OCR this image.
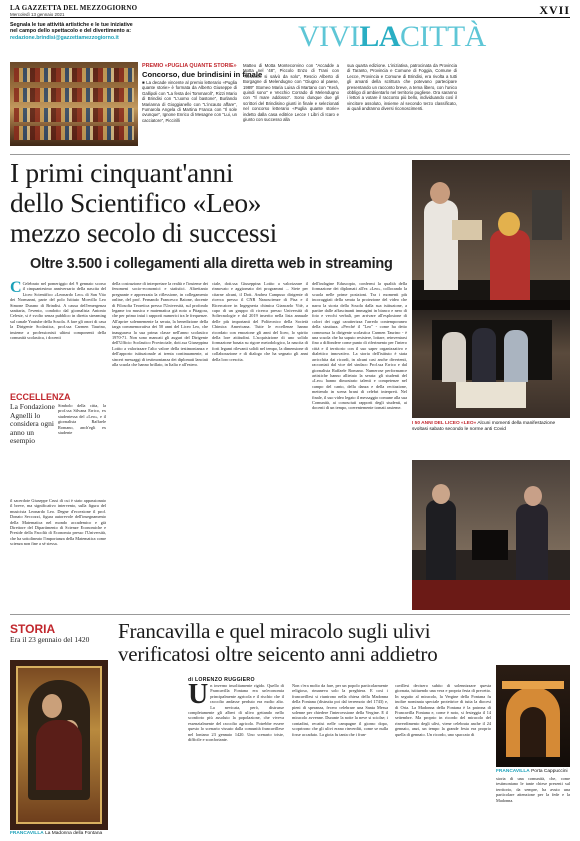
LA GAZZETTA DEL MEZZOGIORNO
Mercoledì 13 gennaio 2021	XVII
Segnala le tue attività artistiche e le tue iniziative
nel campo dello spettacolo e del divertimento a:
redazione.brindisi@gazzettamezzogiorno.it	VIVILACITTÀ
PREMIO «PUGLIA QUANTE STORIE»
Concorso, due brindisini in finale
■ La decade vincente al premio letterario «Puglia quante storie» è formata da Alberto Giuseppe di Gallipoli con "La festa dei Tommaroli", Rizzi Mario di Brindisi con "L'uomo col bastone", Burlando Marianna di Gioggianello con "L'incauto affare", Fumarola Angela di Martina Franca con "Il sole ovunque", Ignone Enrico di Mesagne con "Lui, un cacciatore", Piccirilli
Matteo di Motta Montecorvino con "Accadde a Motta nel '48", Piccolo Enzo di Trani con "Nessuno si salvò da solo", Rescio Alberto di Borgagne di Melendugno con "Giugno al paese, 1989" Stomeo Maria Luisa di Martano con "Kerà, quindi sono" e Vecchio Corrado di Melendugno con "Il mare addosso". Sono dunque due gli scrittori del Brindisino giunti in finale e selezionati nel concorso letterario «Puglia quante storie» indetto dalla casa editrice Lecce I Libri di Icaro e giunto con successo alla
sua quarta edizione. L'iniziativa, patrocinata da Provincia di Taranto, Provincia e Comune di Foggia, Comune di Lecce, Provincia e Comune di Brindisi, era rivolta a tutti gli amanti della scrittura che potevano partecipare presentando un racconto breve, a tema libero, con l'unico obbligo di ambientarlo nel territorio pugliese. Ora saranno i lettori a votare il racconto più bello, individuando così il vincitore assoluto, insieme al secondo terzo classificato, ai quali andranno diversi riconoscimenti.
I primi cinquant'anni
dello Scientifico «Leo»
mezzo secolo di successi
Oltre 3.500 i collegamenti alla diretta web in streaming
C Celebrato nel pomeriggio del 9 gennaio scorso il cinquantesimo anniversario della nascita del Liceo Scientifico «Leonardo Leo» di San Vito dei Normanni, parte del polo Istituto Morvillo Leo Simone Durano di Brindisi. A causa dell'emergenza sanitaria, l'evento, condotto dal giornalista Antonio Celeste, si è svolto senza pubblico in diretta streaming sul canale Youtube della Scuola. A fare gli onori di casa la Dirigente Scolastica, prof.ssa Carmen Taurino, insieme a professionisti ultimi componenti della comunità scolastica, i docenti
ECCELLENZA
La Fondazione Agnelli lo considera ogni anno un esempio
Simbolo della citta, la prof.ssa Silvana Errico, ex studentessa del «Leo», e il giornalista Raffaele Romano, anch'egli ex studente
il sacerdote Giuseppe Crusi di cui è stato appassionato il breve, ma significativo intervento, sulla figura del musicista Leonardo Leo. Degne d'eccezione il prof. Donato Seccozzi, figura autorevole dell'insegnamento della Matematica nel mondo accademico e già Direttore del Dipartimento di Scienze Economiche e Preside della Facoltà di Economia presso l'Università, che ha sottolineato l'importanza della Matematica come scienza non fine a sé stessa.
della costruzione di interpretare la realtà e l'insieme dei fenomeni socio-economici e statistici. Altrettanto pregnante e apprezzata la riflessione, in collegamento online, del prof. Fernando Francesco Baione, docente di Filosofia Teoretica presso l'Università, sul profondo legame tra musica e matematica già noto a Pitagora, che per primo intuì i rapporti numerici tra le frequenze. All'aprire solennemente la serata, la benedizione della targa commemorativa dei 50 anni del Liceo Leo, che inaugurava la sua prima classe nell'anno scolastico 1970-71. Non sono mancati gli auguri del Dirigente dell'Ufficio Scolastico Provinciale, dott.ssa Giuseppina Lotito a valorizzare l'alto valore della testimonianza e dell'apporto istituzionale ai trenta continuamente, ai sinceri messaggi di testimonianza dei diplomati lanciati alla scuola che hanno brillato, in Italia e all'estero.
ciale, dott.ssa Giuseppina Lotito a valorizzare il rinnovato e aggiornato dei programmi ... Siete per citarne alcuni, il Dott. Andrea Campuso dirigente di ricerca presso il CNR Nanoscienze di Pisa e il Ricercatore in Ingegneria chimica Giancarlo Vitè, a capo di un gruppo di ricerca presso Università di Soltecnologie e dal 2019 inserito nella lista annuale delle più importanti del Politecnico della Società Chimica Americana. Tutte le eccellenze hanno ricordato con emozione gli anni del liceo, lo spirito della lore attitudini. L'acquisizione di uno solido formazione basata su rigore metodologico, la nascita di forti legami rilevanti solidi nel tempo, la dimensione di collaborazione e di dialogo che ha segnato gli anni della loro crescita.
dell'indagine Eduscopio, confermi la qualità della formazione dei diplomati all'ex «Leo», collocando la scuola nelle prime posizioni. Tra i momenti più incoraggiati della serata la proiezione del video che narra la storia della Scuola dalla sua istituzione, a partire dalle affascinanti immagini in bianco e nero di foto e vecchi verbali, per arrivare all'esplosione di colori dei oggi caratterizza l'arredo contemporaneo della struttura. «Perché il "Leo" - come ha detto commossa la dirigente scolastica Carmen Taurino - è una scuola che ha saputo resistere, lottare, reinventarsi fino a diffondere come punto di riferimento per l'intero città e il territorio con il suo saper organizzativo e dialettico innovativo. La storia dell'istituto è stata arricchita dai ricordi, in alcuni casi anche divertenti, raccontati dal vice del sindaco Prof.ssa Errico e dal giornalista Raffaele Romano. Numerose performance artistiche hanno allietato la serata: gli studenti del «Leo» hanno dimostrato talenti e competenze nel campo del canto, della danza e della recitazione, mettendo in scena brani di celebri interpreti. Nel finale, il suo video legato il messaggio comune alla sua Comunità, ai conosciuti rapporti degli studenti, ai docenti di un tempo, coerentemente tornati assieme.
I 50 ANNI DEL LICEO «LEO» Alcuni momenti della manifestazione svoltasi sabato secondo le norme anti Covid
STORIA
Era il 23 gennaio del 1420	Francavilla e quel miracolo sugli ulivi
verificatosi oltre seicento anni addietro
FRANCAVILLA La Madonna della Fontana
di LORENZO RUGGIERO
Un inverno insolitamente rigido. Quello di Francavilla Fontana era un'economia principalmente agricola e il rischio che il raccolto andasse perduto era molto alto. La nevicata, però, distrusse completamente gli alberi di ulivo gettando nello sconforto più assoluto la popolazione, che viveva essenzialmente del raccolto agricolo. Potrebbe essere questo lo scenario vissuto dalla comunità francavillese nel lontano 23 gennaio 1420. Uno scenario triste, difficile e sconfortante.
Non c'era molto da fare, per un popolo particolarmente religioso, rimaneva solo la preghiera. E così i francavillesi si riunirono nella chiesa della Madonna della Fontana (distrutta poi dal terremoto del 1743) e, pieni di speranza, fecero celebrare una Santa Messa solenne per chiedere l'intercessione della Vergine. E il miracolo avvenne. Durante la notte la neve si sciolse; i contadini, recatisi nelle campagne il giorno dopo, scoprirono che gli ulivi erano rinverditi, come se nulla fosse accaduto. La gioia fu tanta che i fran-
cavillesi decisero subito di solennizzare questa giornata, istituendo una vera e propria festa di precetto. In seguito al miracolo, la Vergine della Fontana fu inoltre nominata speciale protettrice di tutta la diocesi di Oria. La Madonna della Fontana è la patrona di Francavilla Fontana e, come è noto, si festeggia il 14 settembre. Ma proprio in ricordo del miracolo del rinverdimento degli ulivi, viene celebrata anche il 24 gennaio, anzi, un tempo la grande festa era proprio quella di gennaio. Un ricordo, uno spaccato di
FRANCAVILLA Porta Cappuccini
storia di una comunità, che, come testimoniano le tante chiese presenti sul territorio, da sempre, ha avuto una particolare attenzione per la fede e la Madonna.
